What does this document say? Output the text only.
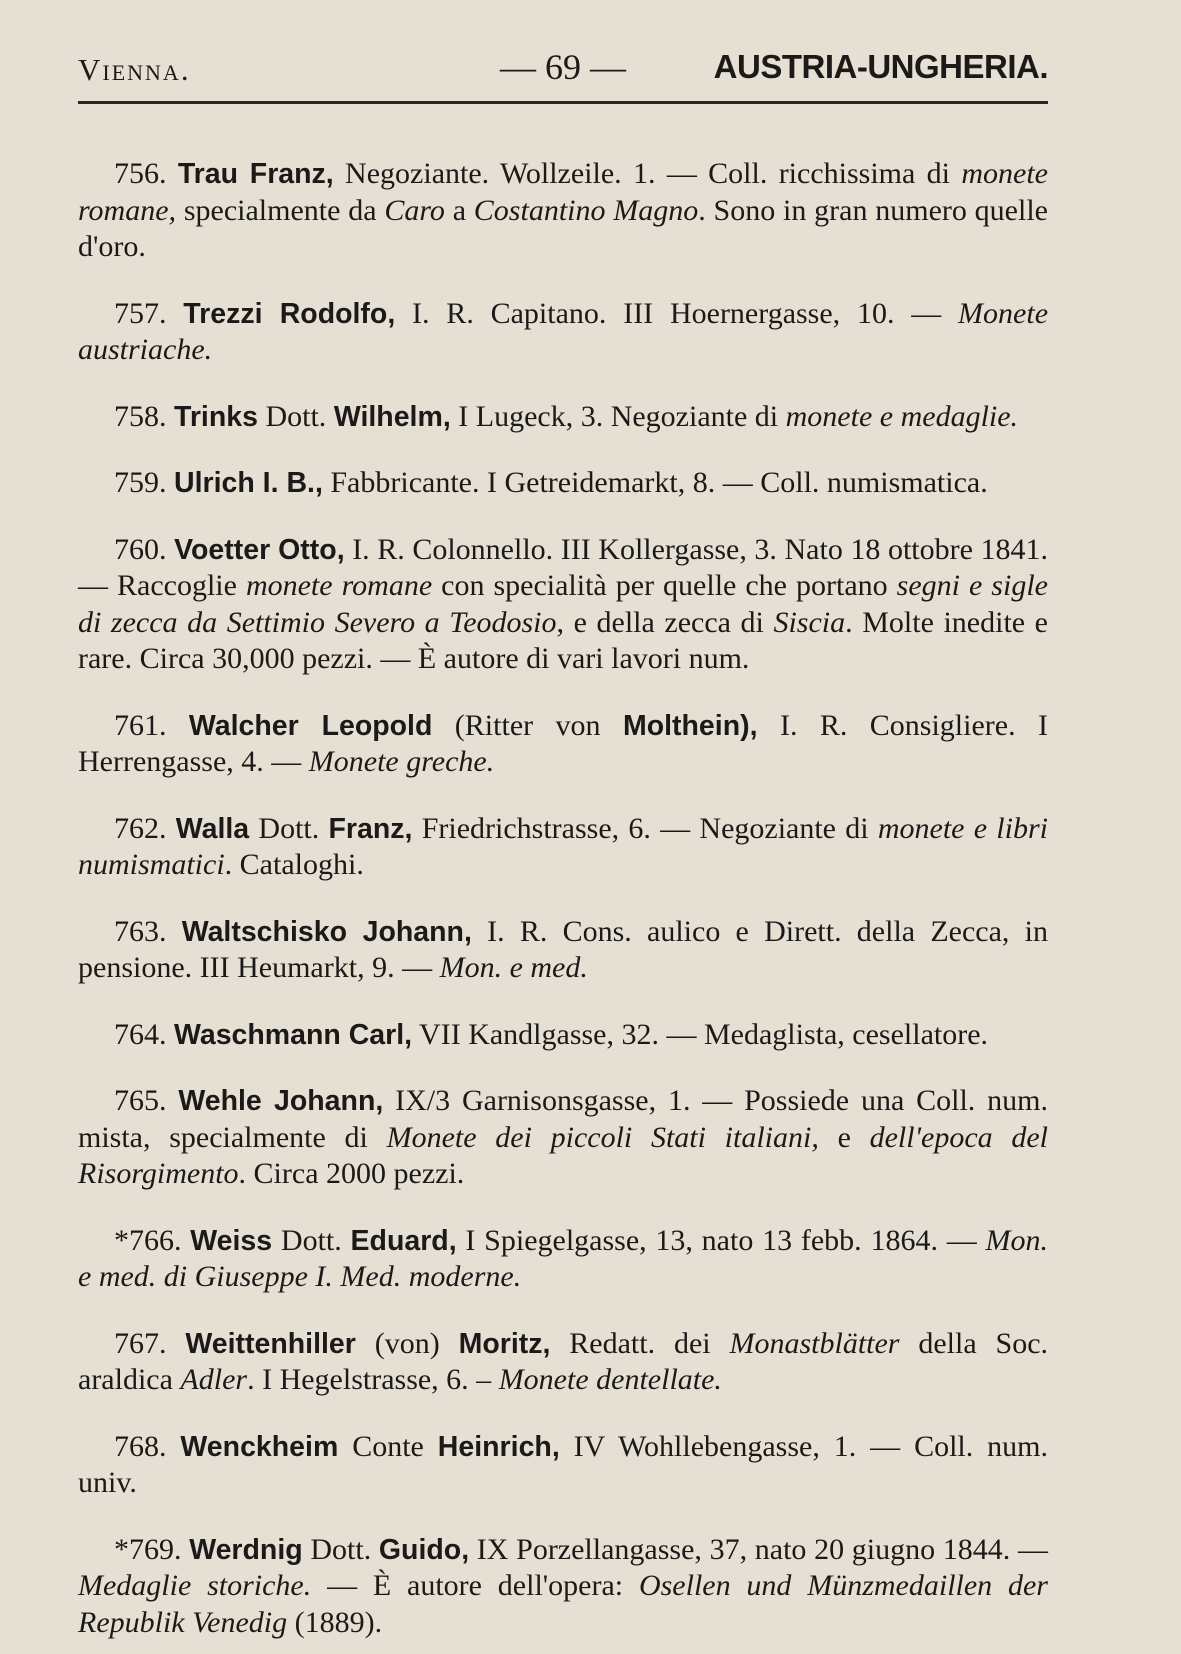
Vienna.	— 69 —	AUSTRIA-UNGHERIA.

756. Trau Franz, Negoziante. Wollzeile. 1. — Coll. ricchissima di monete romane, specialmente da Caro a Costantino Magno. Sono in gran numero quelle d'oro.

757. Trezzi Rodolfo, I. R. Capitano. III Hoernergasse, 10. — Monete austriache.

758. Trinks Dott. Wilhelm, I Lugeck, 3. Negoziante di monete e medaglie.

759. Ulrich I. B., Fabbricante. I Getreidemarkt, 8. — Coll. numismatica.

760. Voetter Otto, I. R. Colonnello. III Kollergasse, 3. Nato 18 ottobre 1841. — Raccoglie monete romane con specialità per quelle che portano segni e sigle di zecca da Settimio Severo a Teodosio, e della zecca di Siscia. Molte inedite e rare. Circa 30,000 pezzi. — È autore di vari lavori num.

761. Walcher Leopold (Ritter von Molthein), I. R. Consigliere. I Herrengasse, 4. — Monete greche.

762. Walla Dott. Franz, Friedrichstrasse, 6. — Negoziante di monete e libri numismatici. Cataloghi.

763. Waltschisko Johann, I. R. Cons. aulico e Dirett. della Zecca, in pensione. III Heumarkt, 9. — Mon. e med.

764. Waschmann Carl, VII Kandlgasse, 32. — Medaglista, cesellatore.

765. Wehle Johann, IX/3 Garnisonsgasse, 1. — Possiede una Coll. num. mista, specialmente di Monete dei piccoli Stati italiani, e dell'epoca del Risorgimento. Circa 2000 pezzi.

*766. Weiss Dott. Eduard, I Spiegelgasse, 13, nato 13 febb. 1864. — Mon. e med. di Giuseppe I. Med. moderne.

767. Weittenhiller (von) Moritz, Redatt. dei Monastblätter della Soc. araldica Adler. I Hegelstrasse, 6. – Monete dentellate.

768. Wenckheim Conte Heinrich, IV Wohllebengasse, 1. — Coll. num. univ.

*769. Werdnig Dott. Guido, IX Porzellangasse, 37, nato 20 giugno 1844. — Medaglie storiche. — È autore dell'opera: Osellen und Münzmedaillen der Republik Venedig (1889).
